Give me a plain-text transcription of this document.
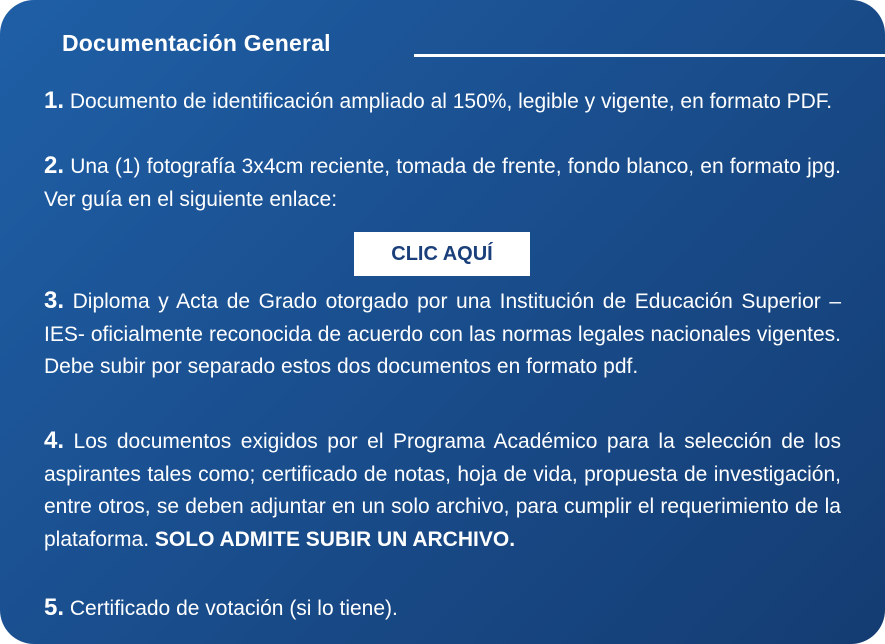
Documentación General
1. Documento de identificación ampliado al 150%, legible y vigente, en formato PDF.
2. Una (1) fotografía 3x4cm reciente, tomada de frente, fondo blanco, en formato jpg. Ver guía en el siguiente enlace:
CLIC AQUÍ
3. Diploma y Acta de Grado otorgado por una Institución de Educación Superior –IES- oficialmente reconocida de acuerdo con las normas legales nacionales vigentes. Debe subir por separado estos dos documentos en formato pdf.
4. Los documentos exigidos por el Programa Académico para la selección de los aspirantes tales como; certificado de notas, hoja de vida, propuesta de investigación, entre otros, se deben adjuntar en un solo archivo, para cumplir el requerimiento de la plataforma. SOLO ADMITE SUBIR UN ARCHIVO.
5. Certificado de votación (si lo tiene).
